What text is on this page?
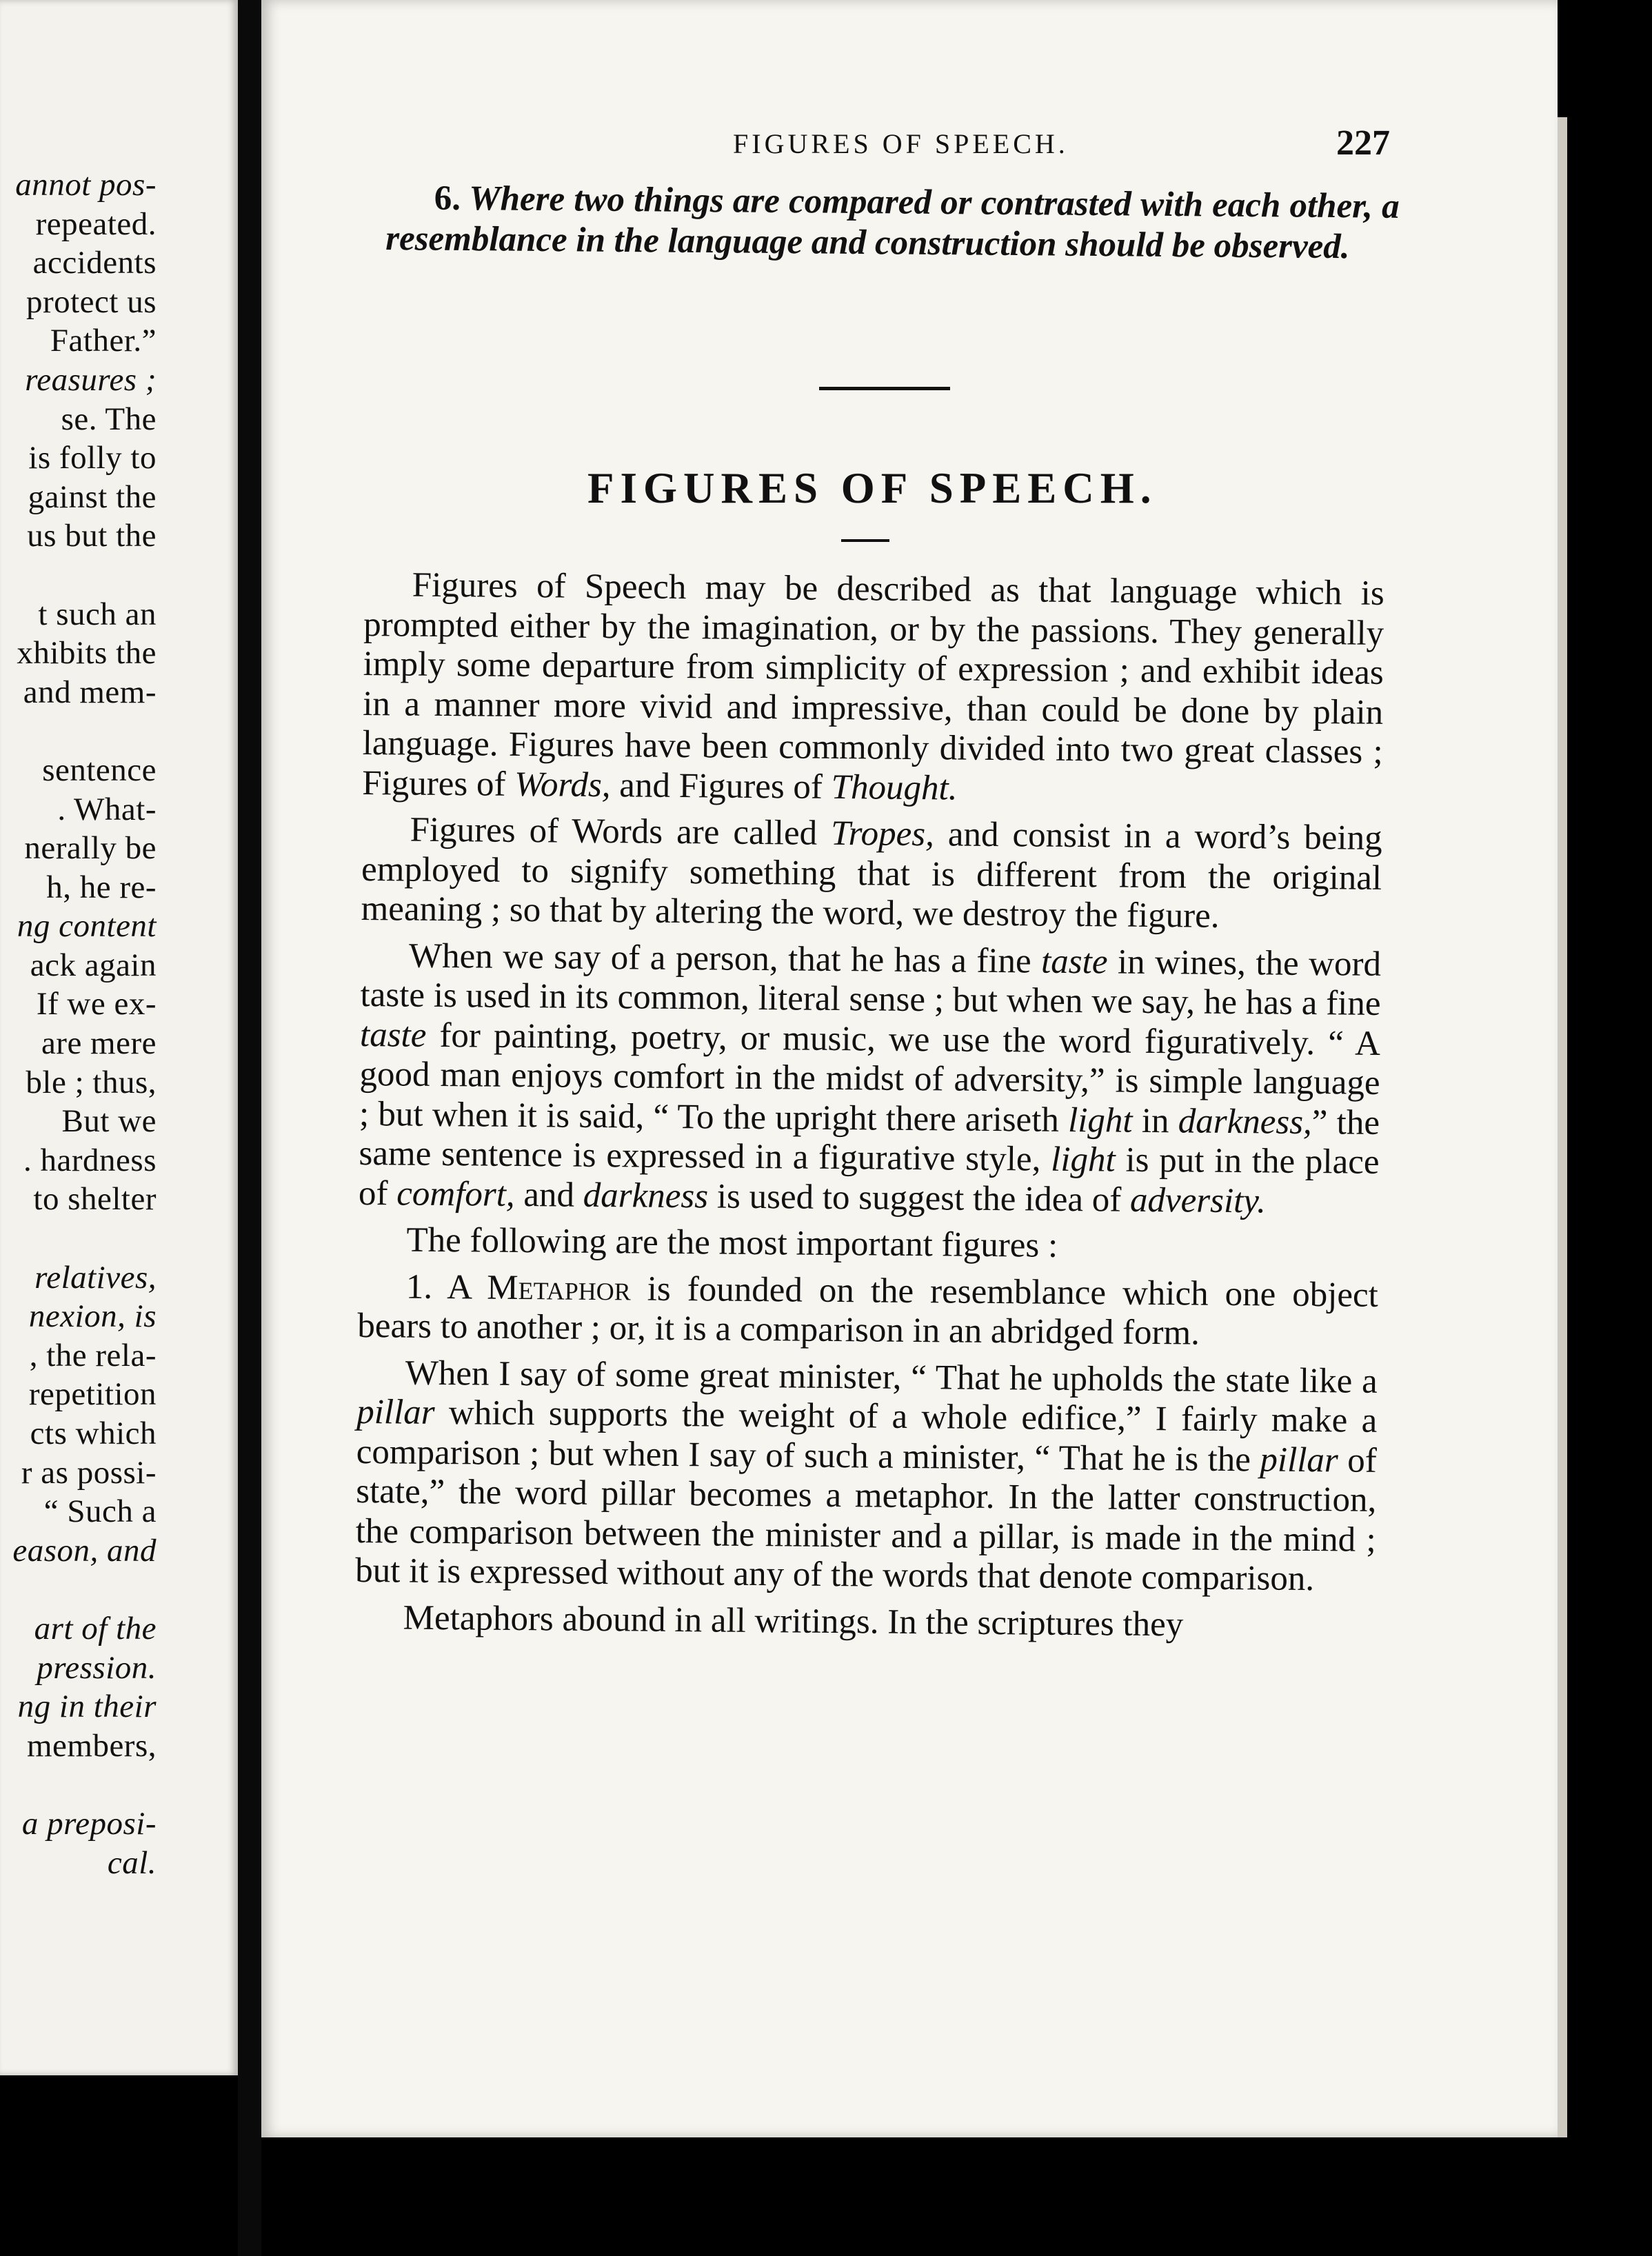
annot pos-
repeated.
accidents
protect us
Father.”
reasures ;
se. The
is folly to
gainst the
us but the
t such an
xhibits the
and mem-
sentence
. What-
nerally be
h, he re-
ng content
ack again
If we ex-
are mere
ble ; thus,
But we
. hardness
to shelter
relatives,
nexion, is
, the rela-
repetition
cts which
r as possi-
“ Such a
eason, and
art of the
pression.
ng in their
members,
a preposi-
cal.
FIGURES OF SPEECH.	227
6. Where two things are compared or contrasted with each other, a resemblance in the language and construction should be observed.
FIGURES OF SPEECH.

Figures of Speech may be described as that language which is prompted either by the imagination, or by the passions. They generally imply some departure from simplicity of expression ; and exhibit ideas in a manner more vivid and impressive, than could be done by plain language. Figures have been commonly divided into two great classes ; Figures of Words, and Figures of Thought.

Figures of Words are called Tropes, and consist in a word’s being employed to signify something that is different from the original meaning ; so that by altering the word, we destroy the figure.

When we say of a person, that he has a fine taste in wines, the word taste is used in its common, literal sense ; but when we say, he has a fine taste for painting, poetry, or music, we use the word figuratively. “ A good man enjoys comfort in the midst of adversity,” is simple language ; but when it is said, “ To the upright there ariseth light in darkness,” the same sentence is expressed in a figurative style, light is put in the place of comfort, and darkness is used to suggest the idea of adversity.

The following are the most important figures :

1. A Metaphor is founded on the resemblance which one object bears to another ; or, it is a comparison in an abridged form.

When I say of some great minister, “ That he upholds the state like a pillar which supports the weight of a whole edifice,” I fairly make a comparison ; but when I say of such a minister, “ That he is the pillar of state,” the word pillar becomes a metaphor. In the latter construction, the comparison between the minister and a pillar, is made in the mind ; but it is expressed without any of the words that denote comparison.

Metaphors abound in all writings. In the scriptures they
